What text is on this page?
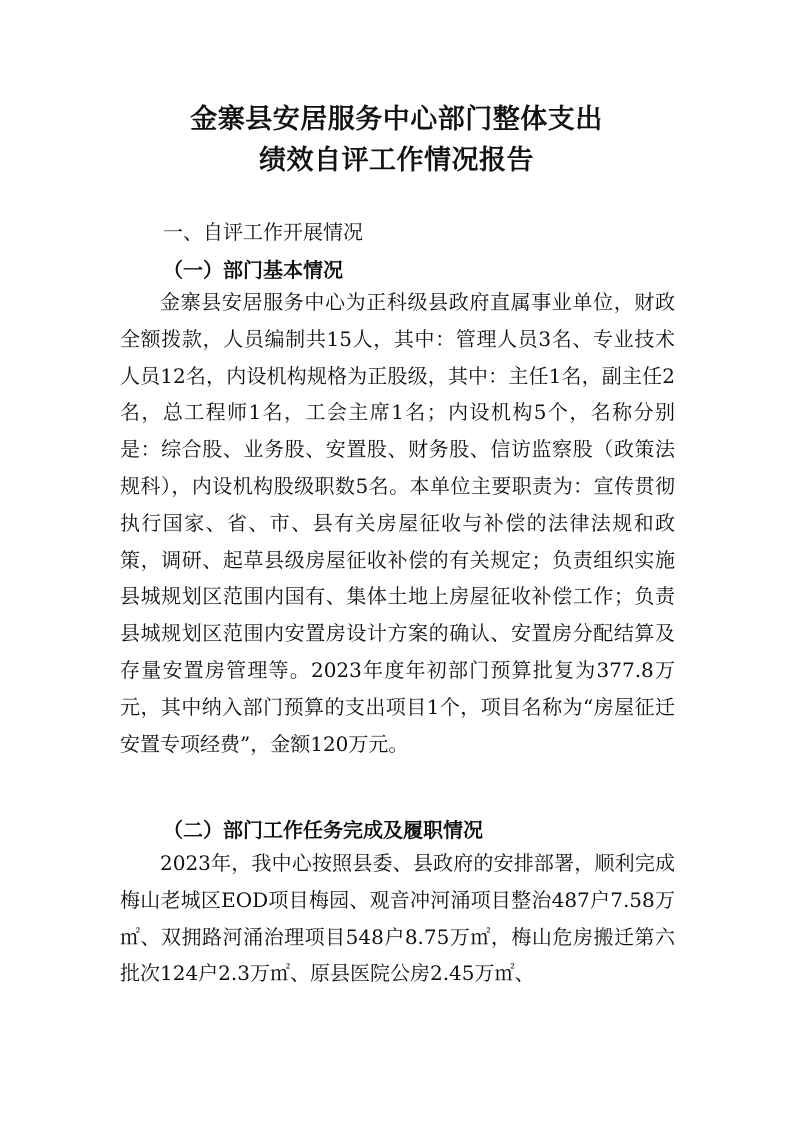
金寨县安居服务中心部门整体支出
绩效自评工作情况报告
一、自评工作开展情况
（一）部门基本情况

金寨县安居服务中心为正科级县政府直属事业单位，财政全额拨款，人员编制共15人，其中：管理人员3名、专业技术人员12名，内设机构规格为正股级，其中：主任1名，副主任2名，总工程师1名，工会主席1名；内设机构5个，名称分别是：综合股、业务股、安置股、财务股、信访监察股（政策法规科），内设机构股级职数5名。本单位主要职责为：宣传贯彻执行国家、省、市、县有关房屋征收与补偿的法律法规和政策，调研、起草县级房屋征收补偿的有关规定；负责组织实施县城规划区范围内国有、集体土地上房屋征收补偿工作；负责县城规划区范围内安置房设计方案的确认、安置房分配结算及存量安置房管理等。2023年度年初部门预算批复为377.8万元，其中纳入部门预算的支出项目1个，项目名称为“房屋征迁安置专项经费”，金额120万元。

（二）部门工作任务完成及履职情况

2023年，我中心按照县委、县政府的安排部署，顺利完成梅山老城区EOD项目梅园、观音冲河涌项目整治487户7.58万㎡、双拥路河涌治理项目548户8.75万㎡，梅山危房搬迁第六批次124户2.3万㎡、原县医院公房2.45万㎡、
